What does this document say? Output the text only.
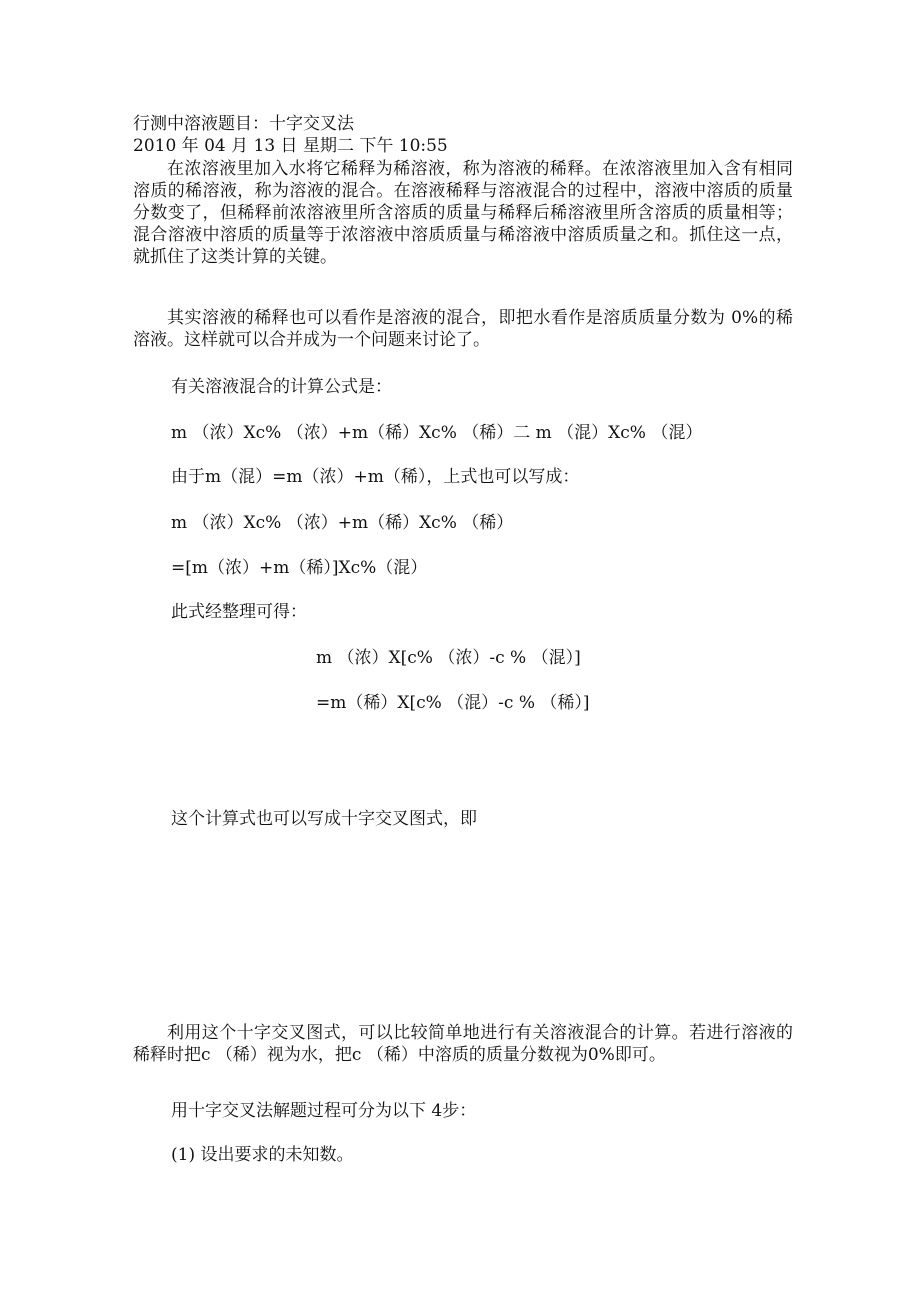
行测中溶液题目：十字交叉法
2010 年 04 月 13 日 星期二 下午 10:55
在浓溶液里加入水将它稀释为稀溶液，称为溶液的稀释。在浓溶液里加入含有相同溶质的稀溶液，称为溶液的混合。在溶液稀释与溶液混合的过程中，溶液中溶质的质量分数变了，但稀释前浓溶液里所含溶质的质量与稀释后稀溶液里所含溶质的质量相等；混合溶液中溶质的质量等于浓溶液中溶质质量与稀溶液中溶质质量之和。抓住这一点，就抓住了这类计算的关键。
其实溶液的稀释也可以看作是溶液的混合，即把水看作是溶质质量分数为 0%的稀溶液。这样就可以合并成为一个问题来讨论了。
有关溶液混合的计算公式是：
m （浓）Xc% （浓）+m（稀）Xc% （稀）二 m （混）Xc% （混）
由于m（混）=m（浓）+m（稀），上式也可以写成：
m （浓）Xc% （浓）+m（稀）Xc% （稀）
=[m（浓）+m（稀）]Xc%（混）
此式经整理可得：
m （浓）X[c% （浓）-c % （混）]
=m（稀）X[c% （混）-c % （稀）]
这个计算式也可以写成十字交叉图式，即
利用这个十字交叉图式，可以比较简单地进行有关溶液混合的计算。若进行溶液的稀释时把c （稀）视为水，把c （稀）中溶质的质量分数视为0%即可。
用十字交叉法解题过程可分为以下 4步：
(1) 设出要求的未知数。
